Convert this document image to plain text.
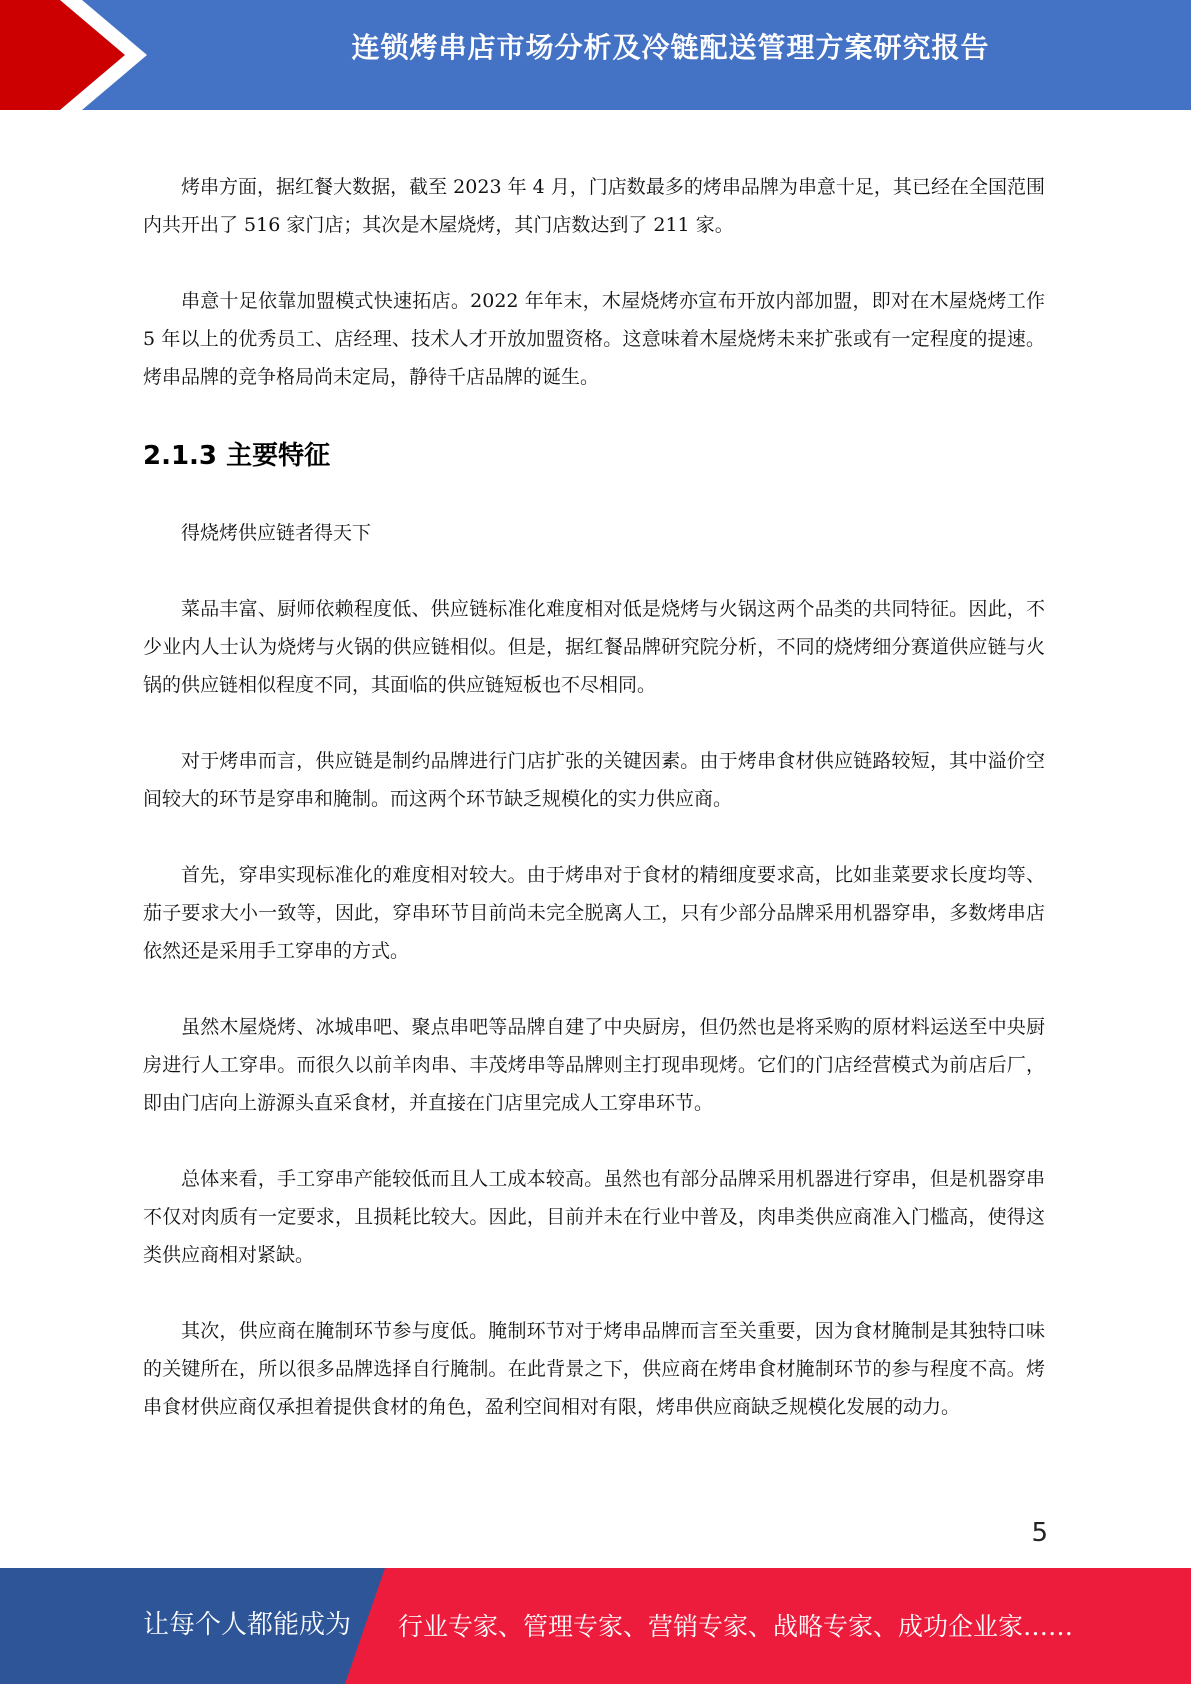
连锁烤串店市场分析及冷链配送管理方案研究报告

烤串方面，据红餐大数据，截至 2023 年 4 月，门店数最多的烤串品牌为串意十足，其已经在全国范围内共开出了 516 家门店；其次是木屋烧烤，其门店数达到了 211 家。

串意十足依靠加盟模式快速拓店。2022 年年末，木屋烧烤亦宣布开放内部加盟，即对在木屋烧烤工作 5 年以上的优秀员工、店经理、技术人才开放加盟资格。这意味着木屋烧烤未来扩张或有一定程度的提速。烤串品牌的竞争格局尚未定局，静待千店品牌的诞生。

2.1.3 主要特征

得烧烤供应链者得天下

菜品丰富、厨师依赖程度低、供应链标准化难度相对低是烧烤与火锅这两个品类的共同特征。因此，不少业内人士认为烧烤与火锅的供应链相似。但是，据红餐品牌研究院分析，不同的烧烤细分赛道供应链与火锅的供应链相似程度不同，其面临的供应链短板也不尽相同。

对于烤串而言，供应链是制约品牌进行门店扩张的关键因素。由于烤串食材供应链路较短，其中溢价空间较大的环节是穿串和腌制。而这两个环节缺乏规模化的实力供应商。

首先，穿串实现标准化的难度相对较大。由于烤串对于食材的精细度要求高，比如韭菜要求长度均等、茄子要求大小一致等，因此，穿串环节目前尚未完全脱离人工，只有少部分品牌采用机器穿串，多数烤串店依然还是采用手工穿串的方式。

虽然木屋烧烤、冰城串吧、聚点串吧等品牌自建了中央厨房，但仍然也是将采购的原材料运送至中央厨房进行人工穿串。而很久以前羊肉串、丰茂烤串等品牌则主打现串现烤。它们的门店经营模式为前店后厂，即由门店向上游源头直采食材，并直接在门店里完成人工穿串环节。

总体来看，手工穿串产能较低而且人工成本较高。虽然也有部分品牌采用机器进行穿串，但是机器穿串不仅对肉质有一定要求，且损耗比较大。因此，目前并未在行业中普及，肉串类供应商准入门槛高，使得这类供应商相对紧缺。

其次，供应商在腌制环节参与度低。腌制环节对于烤串品牌而言至关重要，因为食材腌制是其独特口味的关键所在，所以很多品牌选择自行腌制。在此背景之下，供应商在烤串食材腌制环节的参与程度不高。烤串食材供应商仅承担着提供食材的角色，盈利空间相对有限，烤串供应商缺乏规模化发展的动力。

5
让每个人都能成为 行业专家、管理专家、营销专家、战略专家、成功企业家……
